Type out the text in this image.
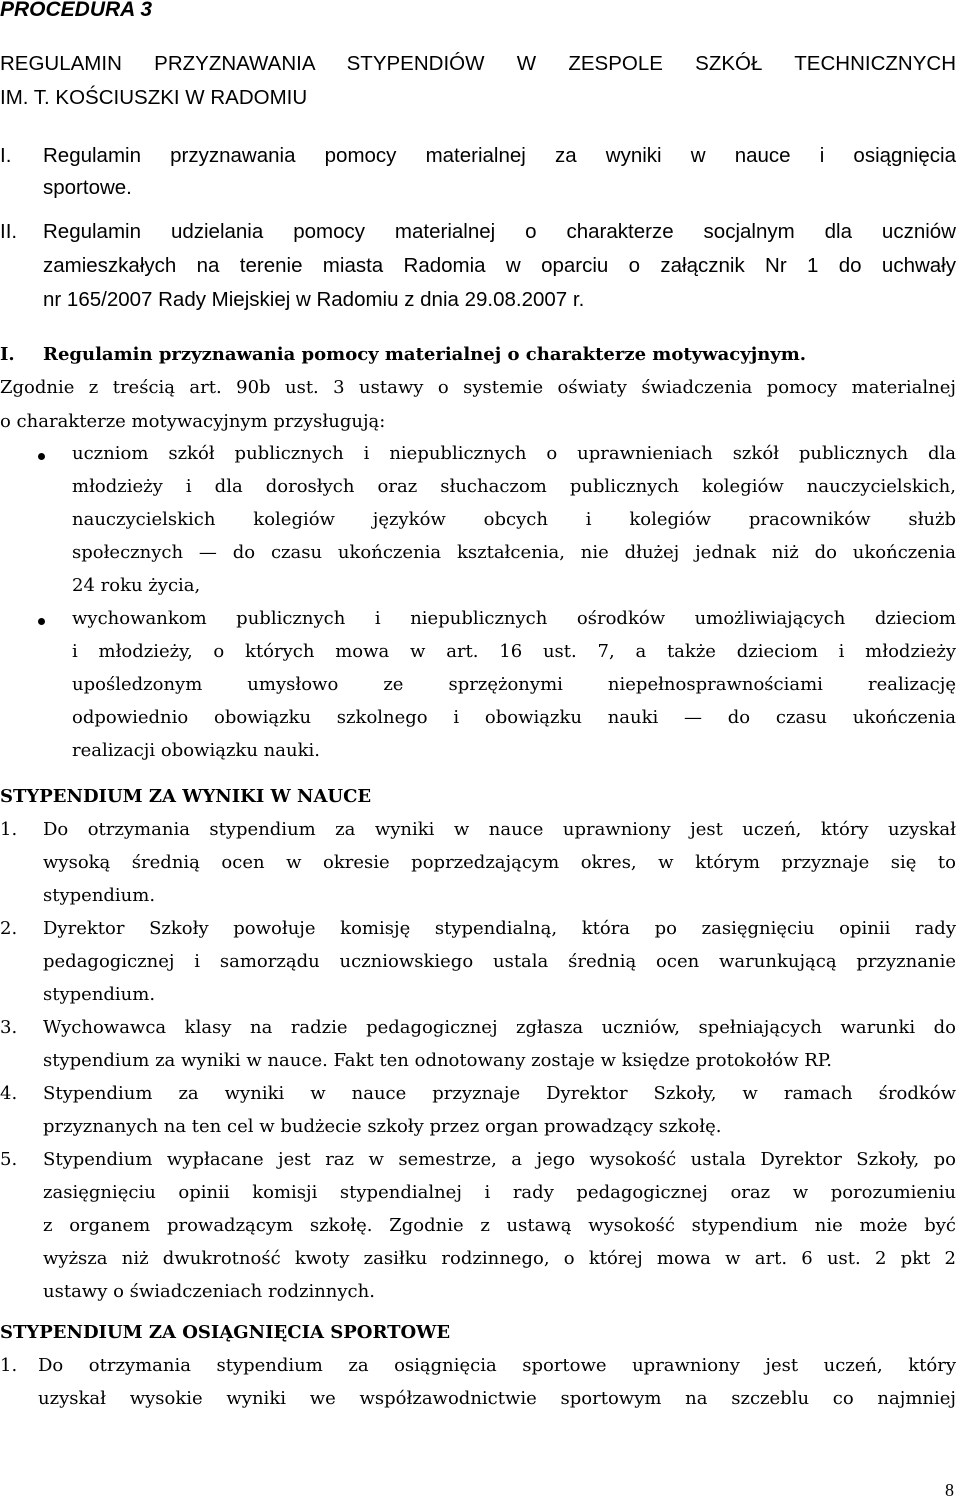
PROCEDURA 3
REGULAMIN PRZYZNAWANIA STYPENDIÓW W ZESPOLE SZKÓŁ TECHNICZNYCH
IM. T. KOŚCIUSZKI W RADOMIU
I. Regulamin przyznawania pomocy materialnej za wyniki w nauce i osiągnięcia
sportowe.
II. Regulamin udzielania pomocy materialnej o charakterze socjalnym dla uczniów
zamieszkałych na terenie miasta Radomia w oparciu o załącznik Nr 1 do uchwały
nr 165/2007 Rady Miejskiej w Radomiu z dnia 29.08.2007 r.
I. Regulamin przyznawania pomocy materialnej o charakterze motywacyjnym.
Zgodnie z treścią art. 90b ust. 3 ustawy o systemie oświaty świadczenia pomocy materialnej
o charakterze motywacyjnym przysługują:
uczniom szkół publicznych i niepublicznych o uprawnieniach szkół publicznych dla
młodzieży i dla dorosłych oraz słuchaczom publicznych kolegiów nauczycielskich,
nauczycielskich kolegiów języków obcych i kolegiów pracowników służb
społecznych — do czasu ukończenia kształcenia, nie dłużej jednak niż do ukończenia
24 roku życia,
wychowankom publicznych i niepublicznych ośrodków umożliwiających dzieciom
i młodzieży, o których mowa w art. 16 ust. 7, a także dzieciom i młodzieży
upośledzonym umysłowo ze sprzężonymi niepełnosprawnościami realizację
odpowiednio obowiązku szkolnego i obowiązku nauki — do czasu ukończenia
realizacji obowiązku nauki.
STYPENDIUM ZA WYNIKI W NAUCE
1. Do otrzymania stypendium za wyniki w nauce uprawniony jest uczeń, który uzyskał
wysoką średnią ocen w okresie poprzedzającym okres, w którym przyznaje się to
stypendium.
2. Dyrektor Szkoły powołuje komisję stypendialną, która po zasięgnięciu opinii rady
pedagogicznej i samorządu uczniowskiego ustala średnią ocen warunkującą przyznanie
stypendium.
3. Wychowawca klasy na radzie pedagogicznej zgłasza uczniów, spełniających warunki do
stypendium za wyniki w nauce. Fakt ten odnotowany zostaje w księdze protokołów RP.
4. Stypendium za wyniki w nauce przyznaje Dyrektor Szkoły, w ramach środków
przyznanych na ten cel w budżecie szkoły przez organ prowadzący szkołę.
5. Stypendium wypłacane jest raz w semestrze, a jego wysokość ustala Dyrektor Szkoły, po
zasięgnięciu opinii komisji stypendialnej i rady pedagogicznej oraz w porozumieniu
z organem prowadzącym szkołę. Zgodnie z ustawą wysokość stypendium nie może być
wyższa niż dwukrotność kwoty zasiłku rodzinnego, o której mowa w art. 6 ust. 2 pkt 2
ustawy o świadczeniach rodzinnych.
STYPENDIUM ZA OSIĄGNIĘCIA SPORTOWE
1. Do otrzymania stypendium za osiągnięcia sportowe uprawniony jest uczeń, który
uzyskał wysokie wyniki we współzawodnictwie sportowym na szczeblu co najmniej
8
